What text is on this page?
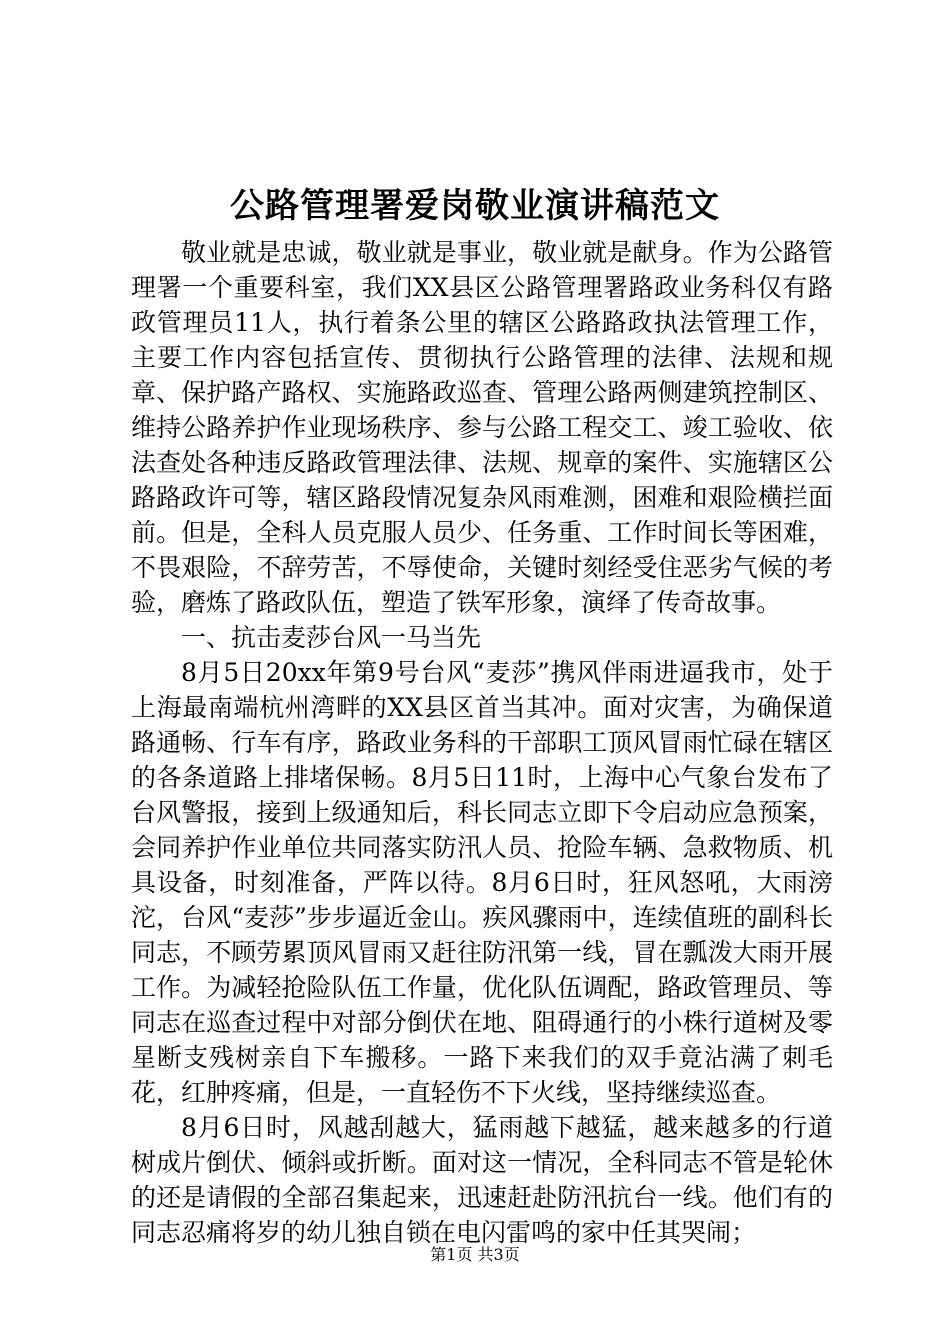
公路管理署爱岗敬业演讲稿范文

敬业就是忠诚，敬业就是事业，敬业就是献身。作为公路管理署一个重要科室，我们XX县区公路管理署路政业务科仅有路政管理员11人，执行着条公里的辖区公路路政执法管理工作，主要工作内容包括宣传、贯彻执行公路管理的法律、法规和规章、保护路产路权、实施路政巡查、管理公路两侧建筑控制区、维持公路养护作业现场秩序、参与公路工程交工、竣工验收、依法查处各种违反路政管理法律、法规、规章的案件、实施辖区公路路政许可等，辖区路段情况复杂风雨难测，困难和艰险横拦面前。但是，全科人员克服人员少、任务重、工作时间长等困难，不畏艰险，不辞劳苦，不辱使命，关键时刻经受住恶劣气候的考验，磨炼了路政队伍，塑造了铁军形象，演绎了传奇故事。

一、抗击麦莎台风一马当先

8月5日20xx年第9号台风“麦莎”携风伴雨进逼我市，处于上海最南端杭州湾畔的XX县区首当其冲。面对灾害，为确保道路通畅、行车有序，路政业务科的干部职工顶风冒雨忙碌在辖区的各条道路上排堵保畅。8月5日11时，上海中心气象台发布了台风警报，接到上级通知后，科长同志立即下令启动应急预案，会同养护作业单位共同落实防汛人员、抢险车辆、急救物质、机具设备，时刻准备，严阵以待。8月6日时，狂风怒吼，大雨滂沱，台风“麦莎”步步逼近金山。疾风骤雨中，连续值班的副科长同志，不顾劳累顶风冒雨又赶往防汛第一线，冒在瓢泼大雨开展工作。为减轻抢险队伍工作量，优化队伍调配，路政管理员、等同志在巡查过程中对部分倒伏在地、阻碍通行的小株行道树及零星断支残树亲自下车搬移。一路下来我们的双手竟沾满了刺毛花，红肿疼痛，但是，一直轻伤不下火线，坚持继续巡查。

8月6日时，风越刮越大，猛雨越下越猛，越来越多的行道树成片倒伏、倾斜或折断。面对这一情况，全科同志不管是轮休的还是请假的全部召集起来，迅速赶赴防汛抗台一线。他们有的同志忍痛将岁的幼儿独自锁在电闪雷鸣的家中任其哭闹；

第1页 共3页
